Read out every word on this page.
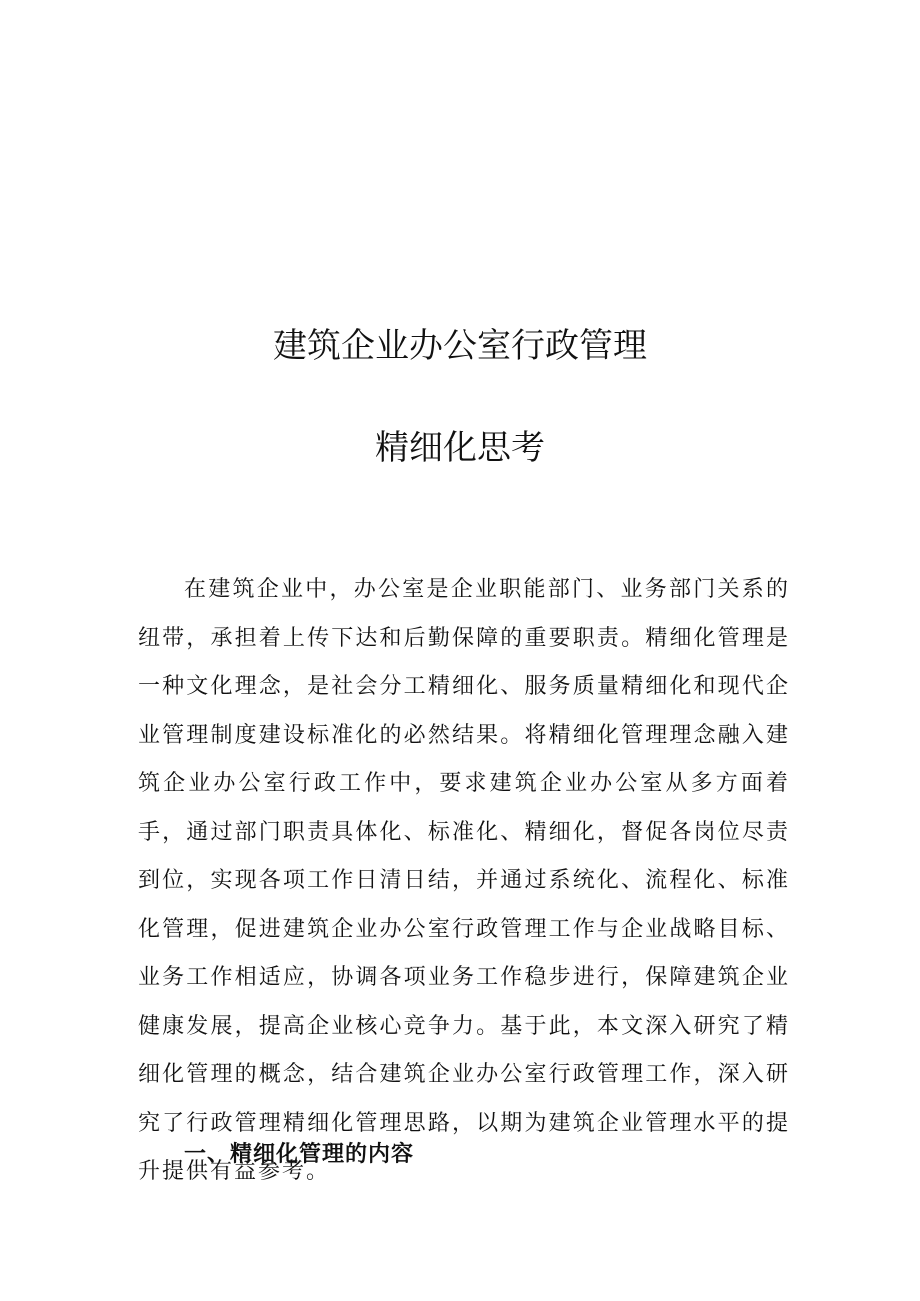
建筑企业办公室行政管理
精细化思考

在建筑企业中，办公室是企业职能部门、业务部门关系的纽带，承担着上传下达和后勤保障的重要职责。精细化管理是一种文化理念，是社会分工精细化、服务质量精细化和现代企业管理制度建设标准化的必然结果。将精细化管理理念融入建筑企业办公室行政工作中，要求建筑企业办公室从多方面着手，通过部门职责具体化、标准化、精细化，督促各岗位尽责到位，实现各项工作日清日结，并通过系统化、流程化、标准化管理，促进建筑企业办公室行政管理工作与企业战略目标、业务工作相适应，协调各项业务工作稳步进行，保障建筑企业健康发展，提高企业核心竞争力。基于此，本文深入研究了精细化管理的概念，结合建筑企业办公室行政管理工作，深入研究了行政管理精细化管理思路，以期为建筑企业管理水平的提升提供有益参考。

一、精细化管理的内容
